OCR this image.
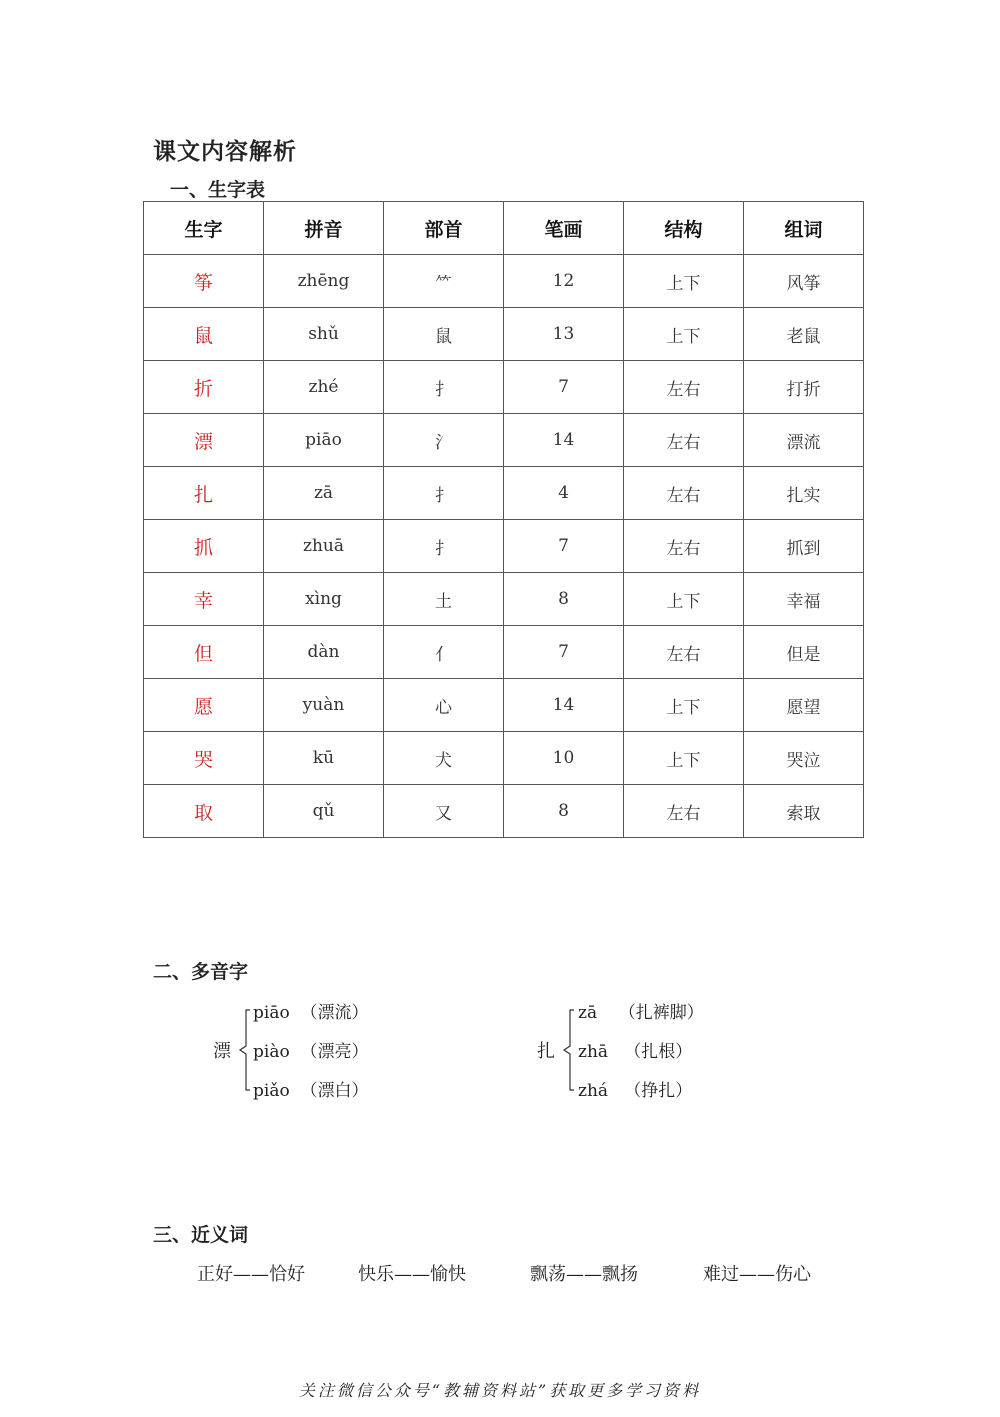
课文内容解析
一、生字表
生字	拼音	部首	笔画	结构	组词
筝	zhēng	⺮	12	上下	风筝
鼠	shǔ	鼠	13	上下	老鼠
折	zhé	扌	7	左右	打折
漂	piāo	氵	14	左右	漂流
扎	zā	扌	4	左右	扎实
抓	zhuā	扌	7	左右	抓到
幸	xìng	土	8	上下	幸福
但	dàn	亻	7	左右	但是
愿	yuàn	心	14	上下	愿望
哭	kū	犬	10	上下	哭泣
取	qǔ	又	8	左右	索取
二、多音字
漂
piāo （漂流）
piào （漂亮）
piǎo （漂白）
扎
zā （扎裤脚）
zhā （扎根）
zhá （挣扎）
三、近义词
正好——恰好	快乐——愉快	飘荡——飘扬	难过——伤心
关注微信公众号“教辅资料站”获取更多学习资料
